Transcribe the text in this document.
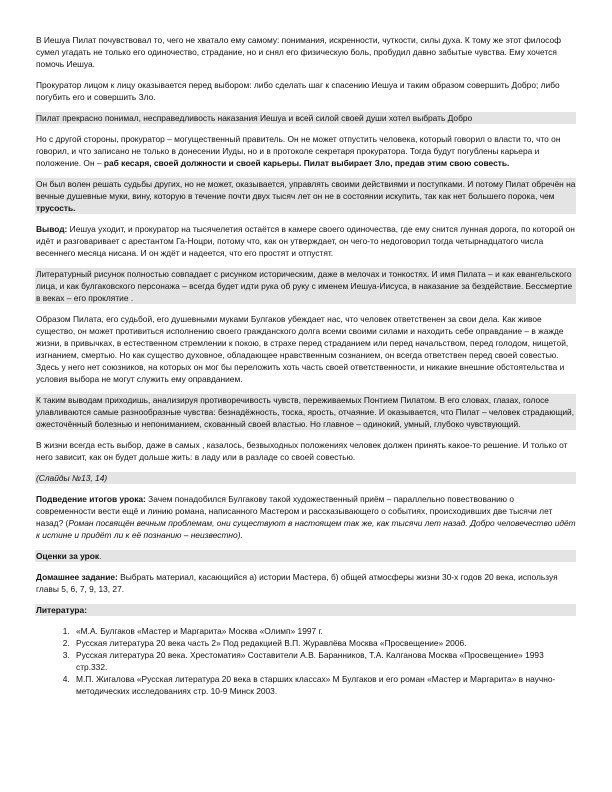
В Иешуа Пилат почувствовал то, чего не хватало ему самому: понимания, искренности, чуткости, силы духа. К тому же этот философ сумел угадать не только его одиночество, страдание, но и снял его физическую боль, пробудил давно забытые чувства. Ему хочется помочь Иешуа.

Прокуратор лицом к лицу оказывается перед выбором: либо сделать шаг к спасению Иешуа и таким образом совершить Добро; либо погубить его и совершить Зло.

Пилат прекрасно понимал, несправедливость наказания Иешуа и всей силой своей души хотел выбрать Добро

Но с другой стороны, прокуратор – могущественный правитель. Он не может отпустить человека, который говорил о власти то, что он говорил, и что записано не только в донесении Иуды, но и в протоколе секретаря прокуратора. Тогда будут погублены карьера и положение. Он – раб кесаря, своей должности и своей карьеры. Пилат выбирает Зло, предав этим свою совесть.

Он был волен решать судьбы других, но не может, оказывается, управлять своими действиями и поступками. И потому Пилат обречён на вечные душевные муки, вину, которую в течение почти двух тысяч лет он не в состоянии искупить, так как нет большего порока, чем трусость.

Вывод: Иешуа уходит, и прокуратор на тысячелетия остаётся в камере своего одиночества, где ему снится лунная дорога, по которой он идёт и разговаривает с арестантом Га-Ноцри, потому что, как он утверждает, он чего-то недоговорил тогда четырнадцатого числа весеннего месяца нисана. И он ждёт и надеется, что его простят и отпустят.

Литературный рисунок полностью совпадает с рисунком историческим, даже в мелочах и тонкостях. И имя Пилата – и как евангельского лица, и как булгаковского персонажа – всегда будет идти рука об руку с именем Иешуа-Иисуса, в наказание за бездействие. Бессмертие в веках – его проклятие .

Образом Пилата, его судьбой, его душевными муками Булгаков убеждает нас, что человек ответственен за свои дела. Как живое существо, он может противиться исполнению своего гражданского долга всеми своими силами и находить себе оправдание – в жажде жизни, в привычках, в естественном стремлении к покою, в страхе перед страданием или перед начальством, перед голодом, нищетой, изгнанием, смертью. Но как существо духовное, обладающее нравственным сознанием, он всегда ответствен перед своей совестью. Здесь у него нет союзников, на которых он мог бы переложить хоть часть своей ответственности, и никакие внешние обстоятельства и условия выбора не могут служить ему оправданием.

К таким выводам приходишь, анализируя противоречивость чувств, переживаемых Понтием Пилатом. В его словах, глазах, голосе улавливаются самые разнообразные чувства: безнадёжность, тоска, ярость, отчаяние. И оказывается, что Пилат – человек страдающий, ожесточённый болезнью и непониманием, скованный своей властью. Но главное – одинокий, умный, глубоко чувствующий.

В жизни всегда есть выбор, даже в самых , казалось, безвыходных положениях человек должен принять какое-то решение. И только от него зависит, как он будет дольше жить: в ладу или в разладе со своей совестью.

(Слайды №13, 14)

Подведение итогов урока: Зачем понадобился Булгакову такой художественный приём – параллельно повествованию о современности вести ещё и линию романа, написанного Мастером и рассказывающего о событиях, происходивших две тысячи лет назад? (Роман посвящён вечным проблемам, они существуют в настоящем так же, как тысячи лет назад. Добро человечество идёт к истине и придёт ли к её познанию – неизвестно).

Оценки за урок.

Домашнее задание: Выбрать материал, касающийся а) истории Мастера, б) общей атмосферы жизни 30-х годов 20 века, используя главы 5, 6, 7, 9, 13, 27.

Литература:

1. «М.А. Булгаков «Мастер и Маргарита» Москва «Олимп» 1997 г.
2. Русская литература 20 века часть 2» Под редакцией В.П. Журавлёва Москва «Просвещение» 2006.
3. Русская литература 20 века. Хрестоматия» Составители А.В. Баранников, Т.А. Калганова Москва «Просвещение» 1993 стр.332.
4. М.П. Жигалова «Русская литература 20 века в старших классах» М Булгаков и его роман «Мастер и Маргарита» в научно-методических исследованиях стр. 10-9 Минск 2003.
